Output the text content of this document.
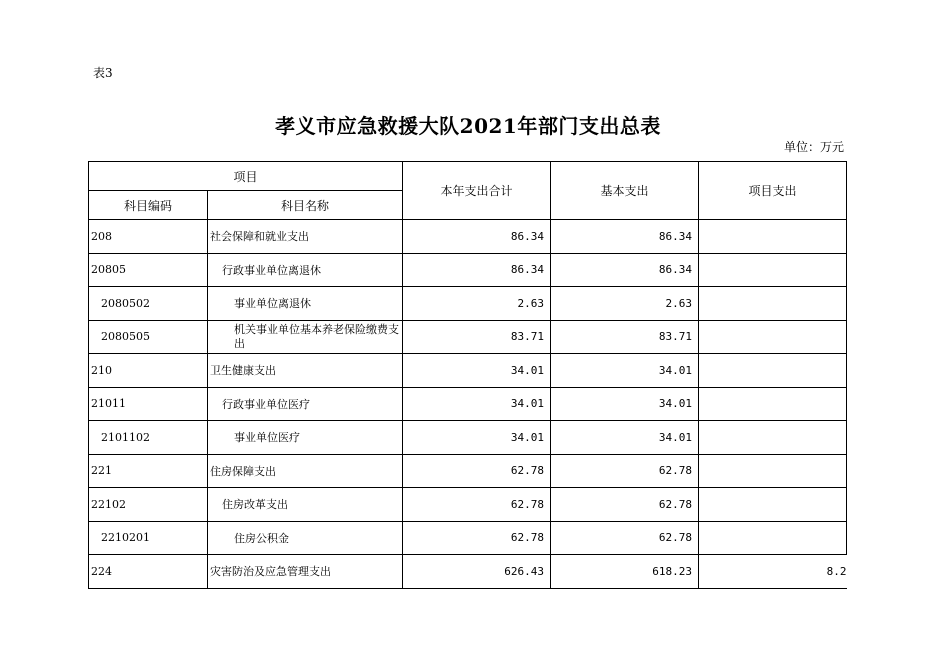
表3
孝义市应急救援大队2021年部门支出总表
单位：万元
项目		本年支出合计	基本支出	项目支出
科目编码	科目名称			
208	社会保障和就业支出	86.34	86.34	
20805	行政事业单位离退休	86.34	86.34	
2080502	事业单位离退休	2.63	2.63	
2080505	机关事业单位基本养老保险缴费支出	83.71	83.71	
210	卫生健康支出	34.01	34.01	
21011	行政事业单位医疗	34.01	34.01	
2101102	事业单位医疗	34.01	34.01	
221	住房保障支出	62.78	62.78	
22102	住房改革支出	62.78	62.78	
2210201	住房公积金	62.78	62.78	
224	灾害防治及应急管理支出	626.43	618.23	8.2
